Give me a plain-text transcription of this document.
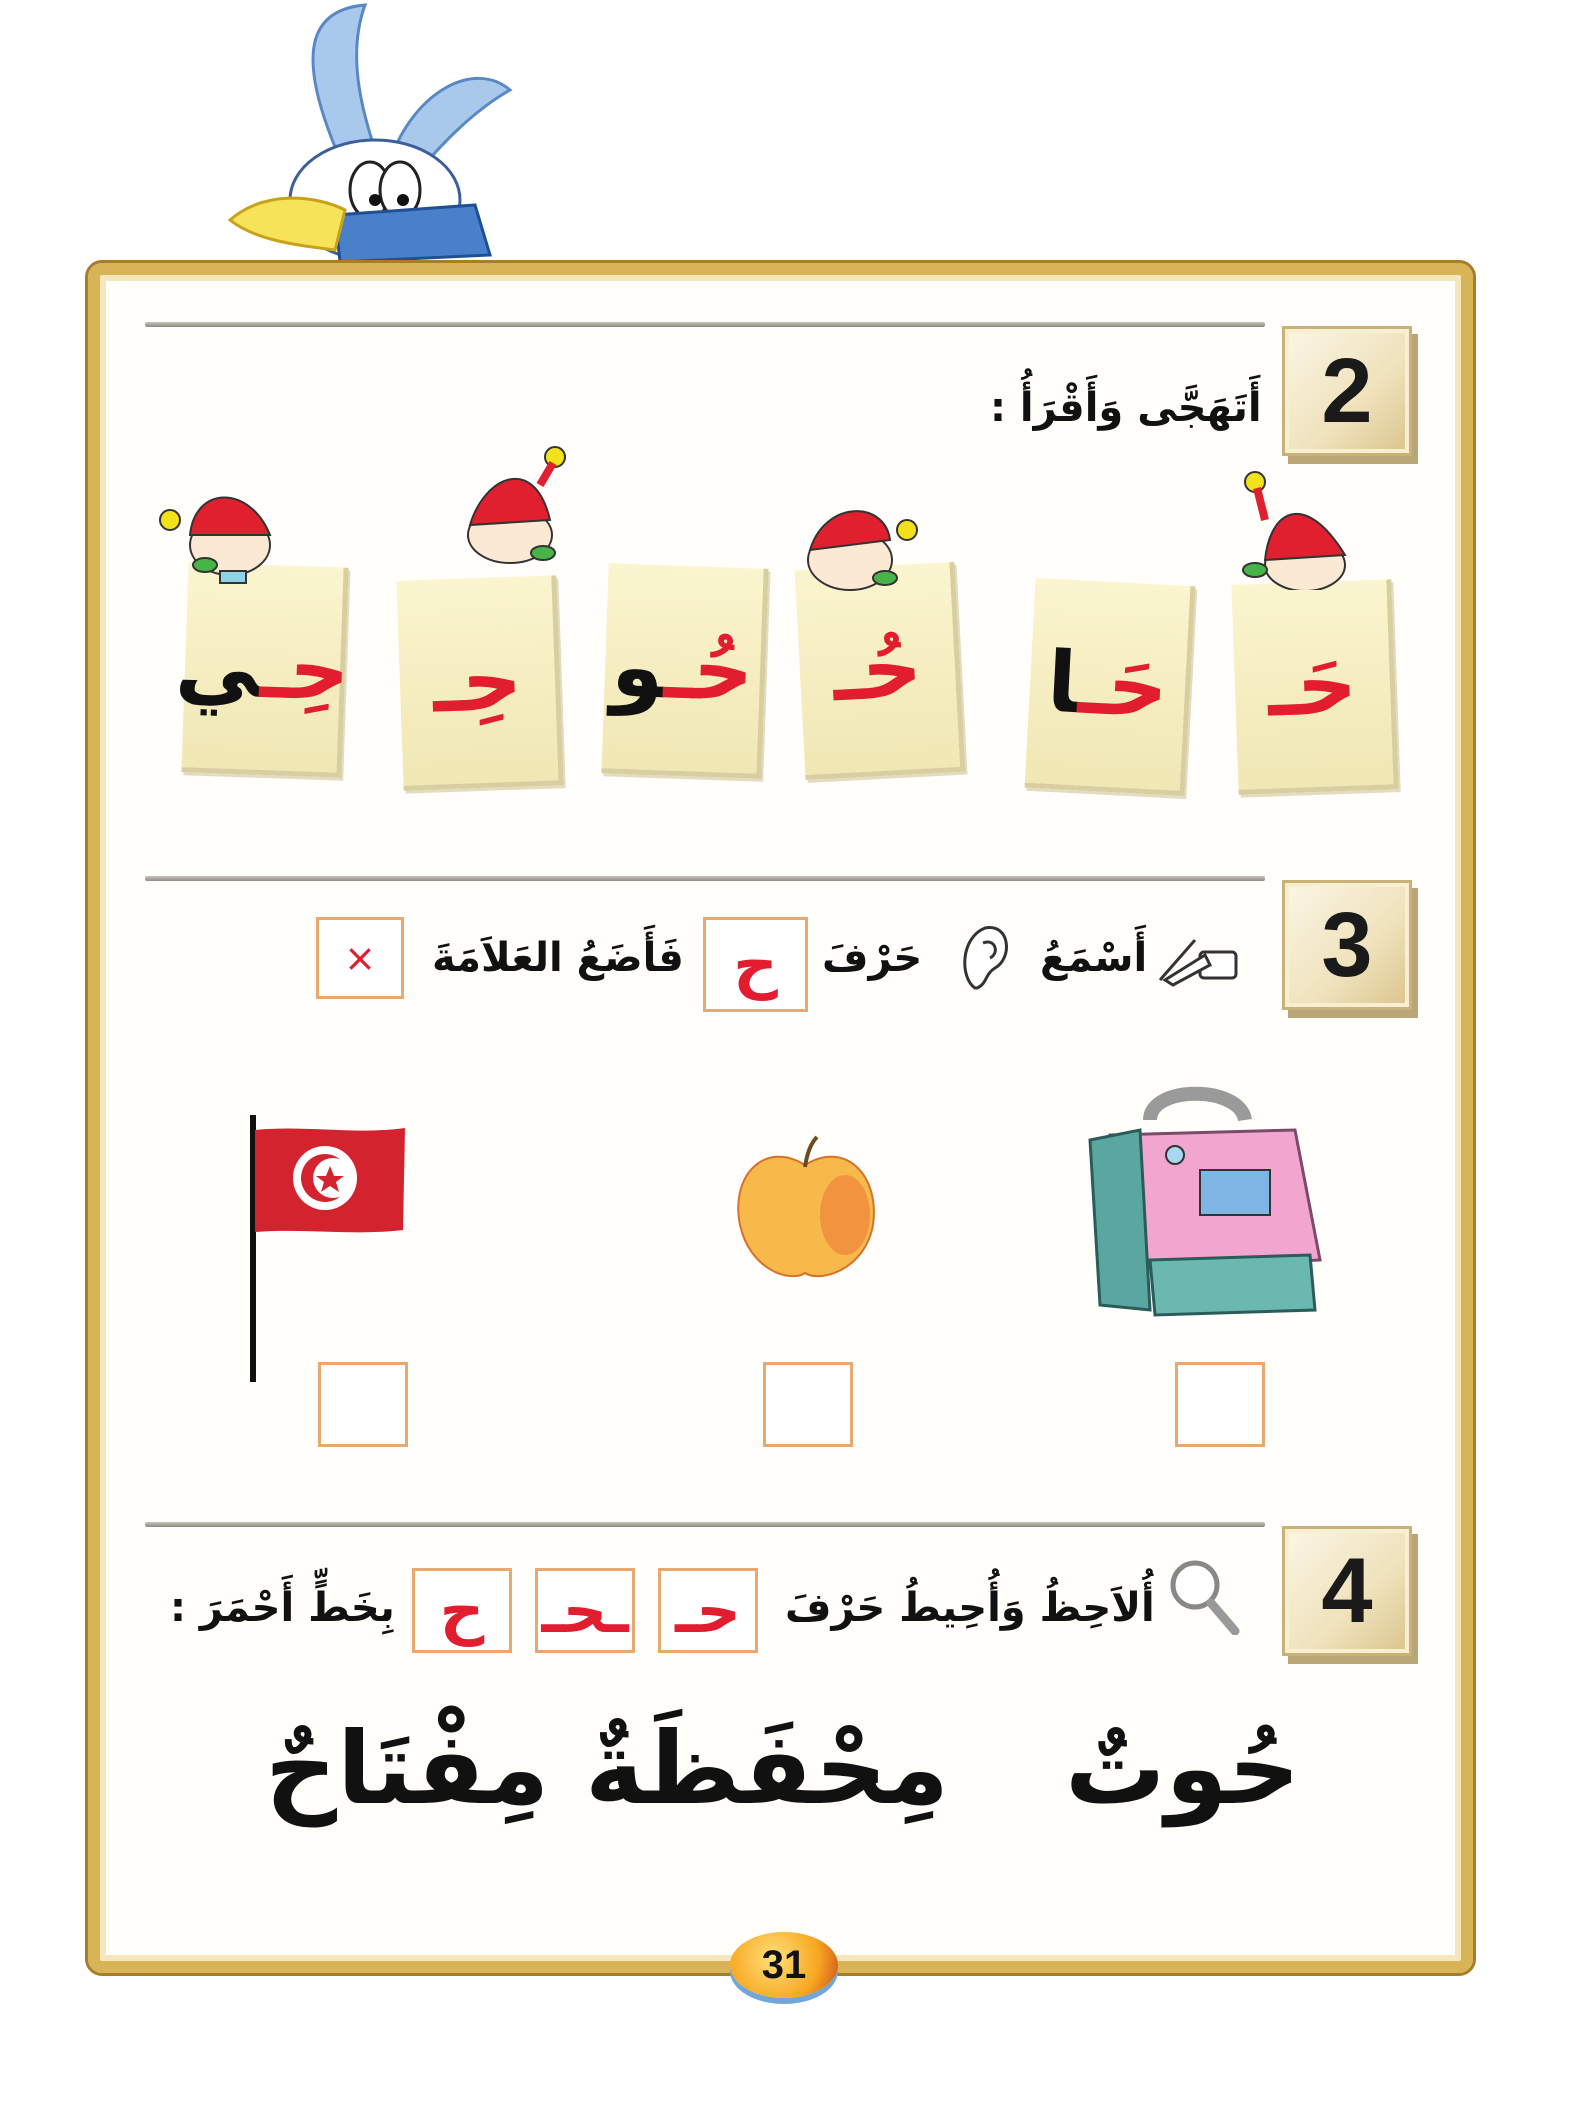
2
أَتَهَجَّى وَأَقْرَأُ :
حَـ
حَـا
حُـ
حُـو
حِـ
حِـي
3
أَسْمَعُ
حَرْفَ
ح
فَأَضَعُ العَلاَمَةَ
×
4
أُلاَحِظُ وَأُحِيطُ حَرْفَ
حـ
ـحـ
ح
بِخَطٍّ أَحْمَرَ :
حُوتٌ
مِحْفَظَةٌ
مِفْتَاحٌ
31
